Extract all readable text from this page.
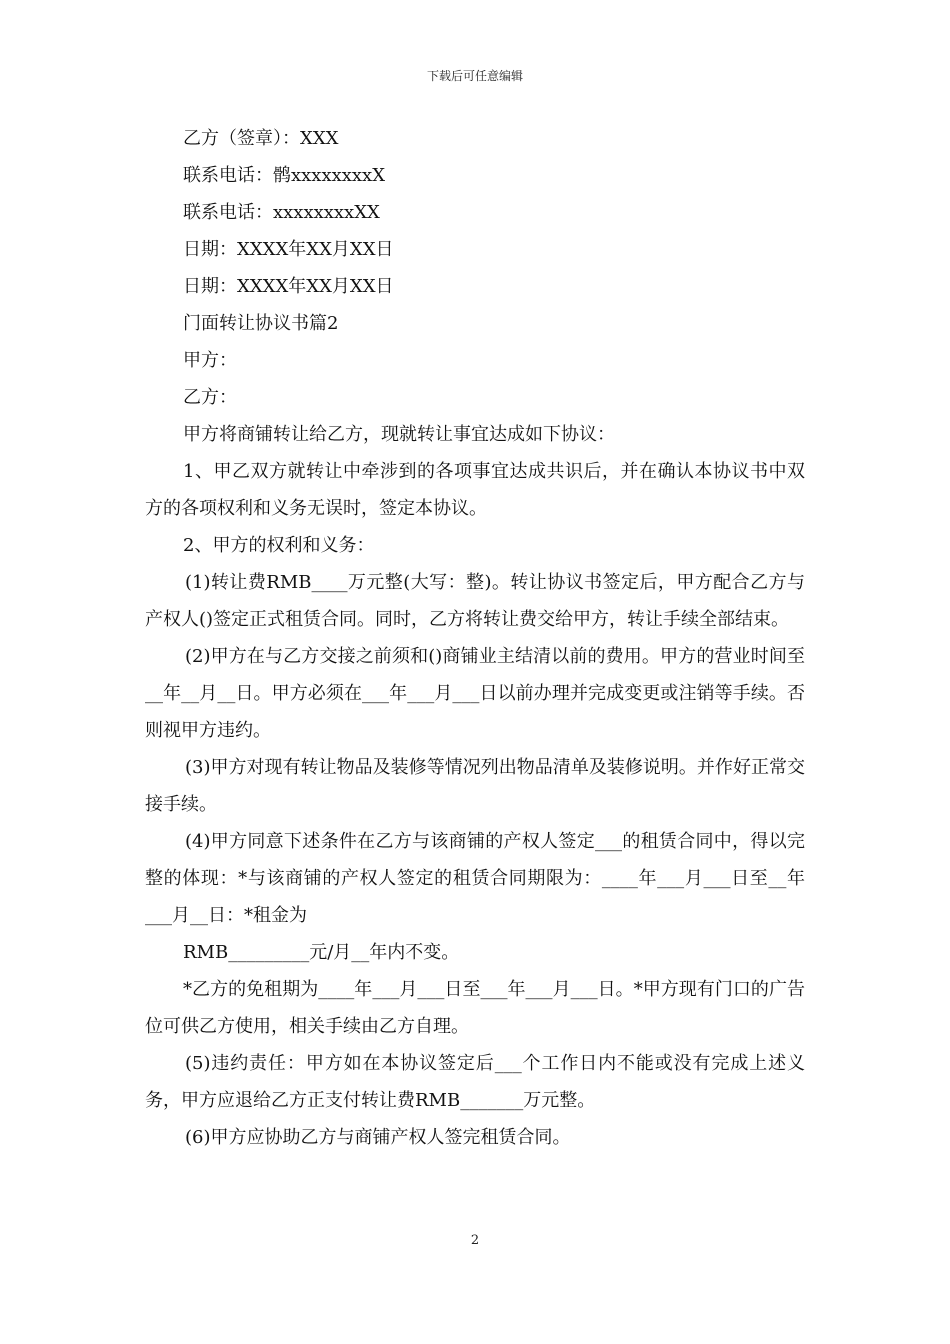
下载后可任意编辑
乙方（签章）：XXX
联系电话：鹘xxxxxxxxX
联系电话：xxxxxxxxXX
日期：XXXX年XX月XX日
日期：XXXX年XX月XX日
门面转让协议书篇2
甲方：
乙方：
甲方将商铺转让给乙方，现就转让事宜达成如下协议：
1、甲乙双方就转让中牵涉到的各项事宜达成共识后，并在确认本协议书中双方的各项权利和义务无误时，签定本协议。
2、甲方的权利和义务：
(1)转让费RMB____万元整(大写：整)。转让协议书签定后，甲方配合乙方与产权人()签定正式租赁合同。同时，乙方将转让费交给甲方，转让手续全部结束。
(2)甲方在与乙方交接之前须和()商铺业主结清以前的费用。甲方的营业时间至__年__月__日。甲方必须在___年___月___日以前办理并完成变更或注销等手续。否则视甲方违约。
(3)甲方对现有转让物品及装修等情况列出物品清单及装修说明。并作好正常交接手续。
(4)甲方同意下述条件在乙方与该商铺的产权人签定___的租赁合同中，得以完整的体现：*与该商铺的产权人签定的租赁合同期限为：____年___月___日至__年___月__日：*租金为
RMB_________元/月__年内不变。
*乙方的免租期为____年___月___日至___年___月___日。*甲方现有门口的广告位可供乙方使用，相关手续由乙方自理。
(5)违约责任：甲方如在本协议签定后___个工作日内不能或没有完成上述义务，甲方应退给乙方正支付转让费RMB_______万元整。
(6)甲方应协助乙方与商铺产权人签完租赁合同。
2
